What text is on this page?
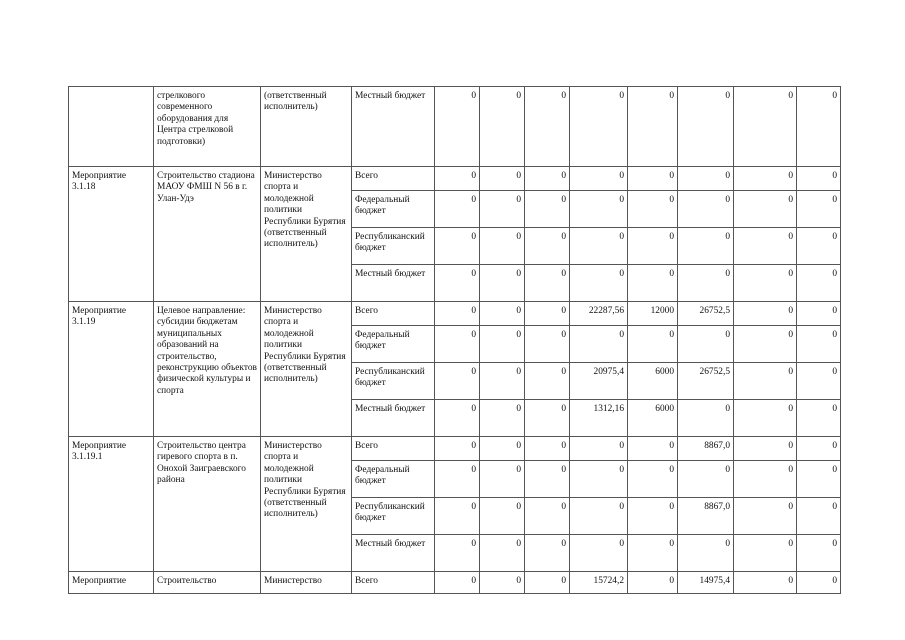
	стрелкового современного оборудования для Центра стрелковой подготовки)	(ответственный исполнитель)	Местный бюджет	0	0	0	0	0	0	0	0
Мероприятие 3.1.18	Строительство стадиона МАОУ ФМШ N 56 в г. Улан-Удэ	Министерство спорта и молодежной политики Республики Бурятия (ответственный исполнитель)	Всего	0	0	0	0	0	0	0	0
			Федеральный бюджет	0	0	0	0	0	0	0	0
			Республиканский бюджет	0	0	0	0	0	0	0	0
			Местный бюджет	0	0	0	0	0	0	0	0
Мероприятие 3.1.19	Целевое направление: субсидии бюджетам муниципальных образований на строительство, реконструкцию объектов физической культуры и спорта	Министерство спорта и молодежной политики Республики Бурятия (ответственный исполнитель)	Всего	0	0	0	22287,56	12000	26752,5	0	0
			Федеральный бюджет	0	0	0	0	0	0	0	0
			Республиканский бюджет	0	0	0	20975,4	6000	26752,5	0	0
			Местный бюджет	0	0	0	1312,16	6000	0	0	0
Мероприятие 3.1.19.1	Строительство центра гиревого спорта в п. Онохой Заиграевского района	Министерство спорта и молодежной политики Республики Бурятия (ответственный исполнитель)	Всего	0	0	0	0	0	8867,0	0	0
			Федеральный бюджет	0	0	0	0	0	0	0	0
			Республиканский бюджет	0	0	0	0	0	8867,0	0	0
			Местный бюджет	0	0	0	0	0	0	0	0
Мероприятие	Строительство	Министерство	Всего	0	0	0	15724,2	0	14975,4	0	0
